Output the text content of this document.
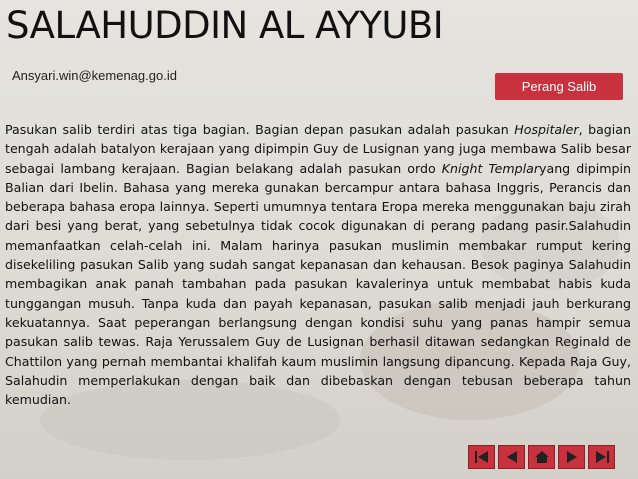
SALAHUDDIN AL AYYUBI
Ansyari.win@kemenag.go.id
Perang Salib
Pasukan salib terdiri atas tiga bagian. Bagian depan pasukan adalah pasukan Hospitaler, bagian tengah adalah batalyon kerajaan yang dipimpin Guy de Lusignan yang juga membawa Salib besar sebagai lambang kerajaan. Bagian belakang adalah pasukan ordo Knight Templaryang dipimpin Balian dari Ibelin. Bahasa yang mereka gunakan bercampur antara bahasa Inggris, Perancis dan beberapa bahasa eropa lainnya. Seperti umumnya tentara Eropa mereka menggunakan baju zirah dari besi yang berat, yang sebetulnya tidak cocok digunakan di perang padang pasir.Salahudin memanfaatkan celah-celah ini. Malam harinya pasukan muslimin membakar rumput kering disekeliling pasukan Salib yang sudah sangat kepanasan dan kehausan. Besok paginya Salahudin membagikan anak panah tambahan pada pasukan kavalerinya untuk membabat habis kuda tunggangan musuh. Tanpa kuda dan payah kepanasan, pasukan salib menjadi jauh berkurang kekuatannya. Saat peperangan berlangsung dengan kondisi suhu yang panas hampir semua pasukan salib tewas. Raja Yerussalem Guy de Lusignan berhasil ditawan sedangkan Reginald de Chattilon yang pernah membantai khalifah kaum muslimin langsung dipancung. Kepada Raja Guy, Salahudin memperlakukan dengan baik dan dibebaskan dengan tebusan beberapa tahun kemudian.
